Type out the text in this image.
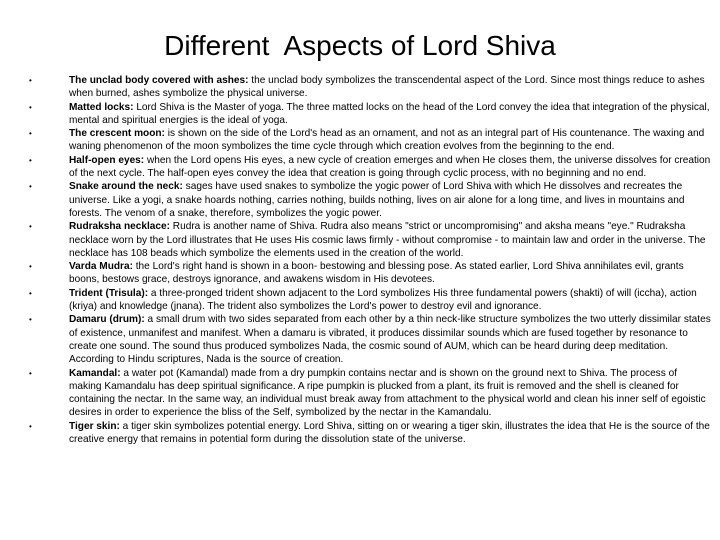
Different  Aspects of Lord Shiva
•	The unclad body covered with ashes: the unclad body symbolizes the transcendental aspect of the Lord. Since most things reduce to ashes when burned, ashes symbolize the physical universe.
•	Matted locks: Lord Shiva is the Master of yoga. The three matted locks on the head of the Lord convey the idea that integration of the physical, mental and spiritual energies is the ideal of yoga.
•	The crescent moon: is shown on the side of the Lord's head as an ornament, and not as an integral part of His countenance. The waxing and waning phenomenon of the moon symbolizes the time cycle through which creation evolves from the beginning to the end.
•	Half-open eyes: when the Lord opens His eyes, a new cycle of creation emerges and when He closes them, the universe dissolves for creation of the next cycle. The half-open eyes convey the idea that creation is going through cyclic process, with no beginning and no end.
•	Snake around the neck: sages have used snakes to symbolize the yogic power of Lord Shiva with which He dissolves and recreates the universe. Like a yogi, a snake hoards nothing, carries nothing, builds nothing, lives on air alone for a long time, and lives in mountains and forests. The venom of a snake, therefore, symbolizes the yogic power.
•	Rudraksha necklace: Rudra is another name of Shiva. Rudra also means "strict or uncompromising" and aksha means "eye." Rudraksha necklace worn by the Lord illustrates that He uses His cosmic laws firmly - without compromise - to maintain law and order in the universe. The necklace has 108 beads which symbolize the elements used in the creation of the world.
•	Varda Mudra: the Lord's right hand is shown in a boon- bestowing and blessing pose. As stated earlier, Lord Shiva annihilates evil, grants boons, bestows grace, destroys ignorance, and awakens wisdom in His devotees.
•	Trident (Trisula): a three-pronged trident shown adjacent to the Lord symbolizes His three fundamental powers (shakti) of will (iccha), action (kriya) and knowledge (jnana). The trident also symbolizes the Lord's power to destroy evil and ignorance.
•	Damaru (drum): a small drum with two sides separated from each other by a thin neck-like structure symbolizes the two utterly dissimilar states of existence, unmanifest and manifest. When a damaru is vibrated, it produces dissimilar sounds which are fused together by resonance to create one sound. The sound thus produced symbolizes Nada, the cosmic sound of AUM, which can be heard during deep meditation. According to Hindu scriptures, Nada is the source of creation.
•	Kamandal: a water pot (Kamandal) made from a dry pumpkin contains nectar and is shown on the ground next to Shiva. The process of making Kamandalu has deep spiritual significance. A ripe pumpkin is plucked from a plant, its fruit is removed and the shell is cleaned for containing the nectar. In the same way, an individual must break away from attachment to the physical world and clean his inner self of egoistic desires in order to experience the bliss of the Self, symbolized by the nectar in the Kamandalu.
•	Tiger skin: a tiger skin symbolizes potential energy. Lord Shiva, sitting on or wearing a tiger skin, illustrates the idea that He is the source of the creative energy that remains in potential form during the dissolution state of the universe.
